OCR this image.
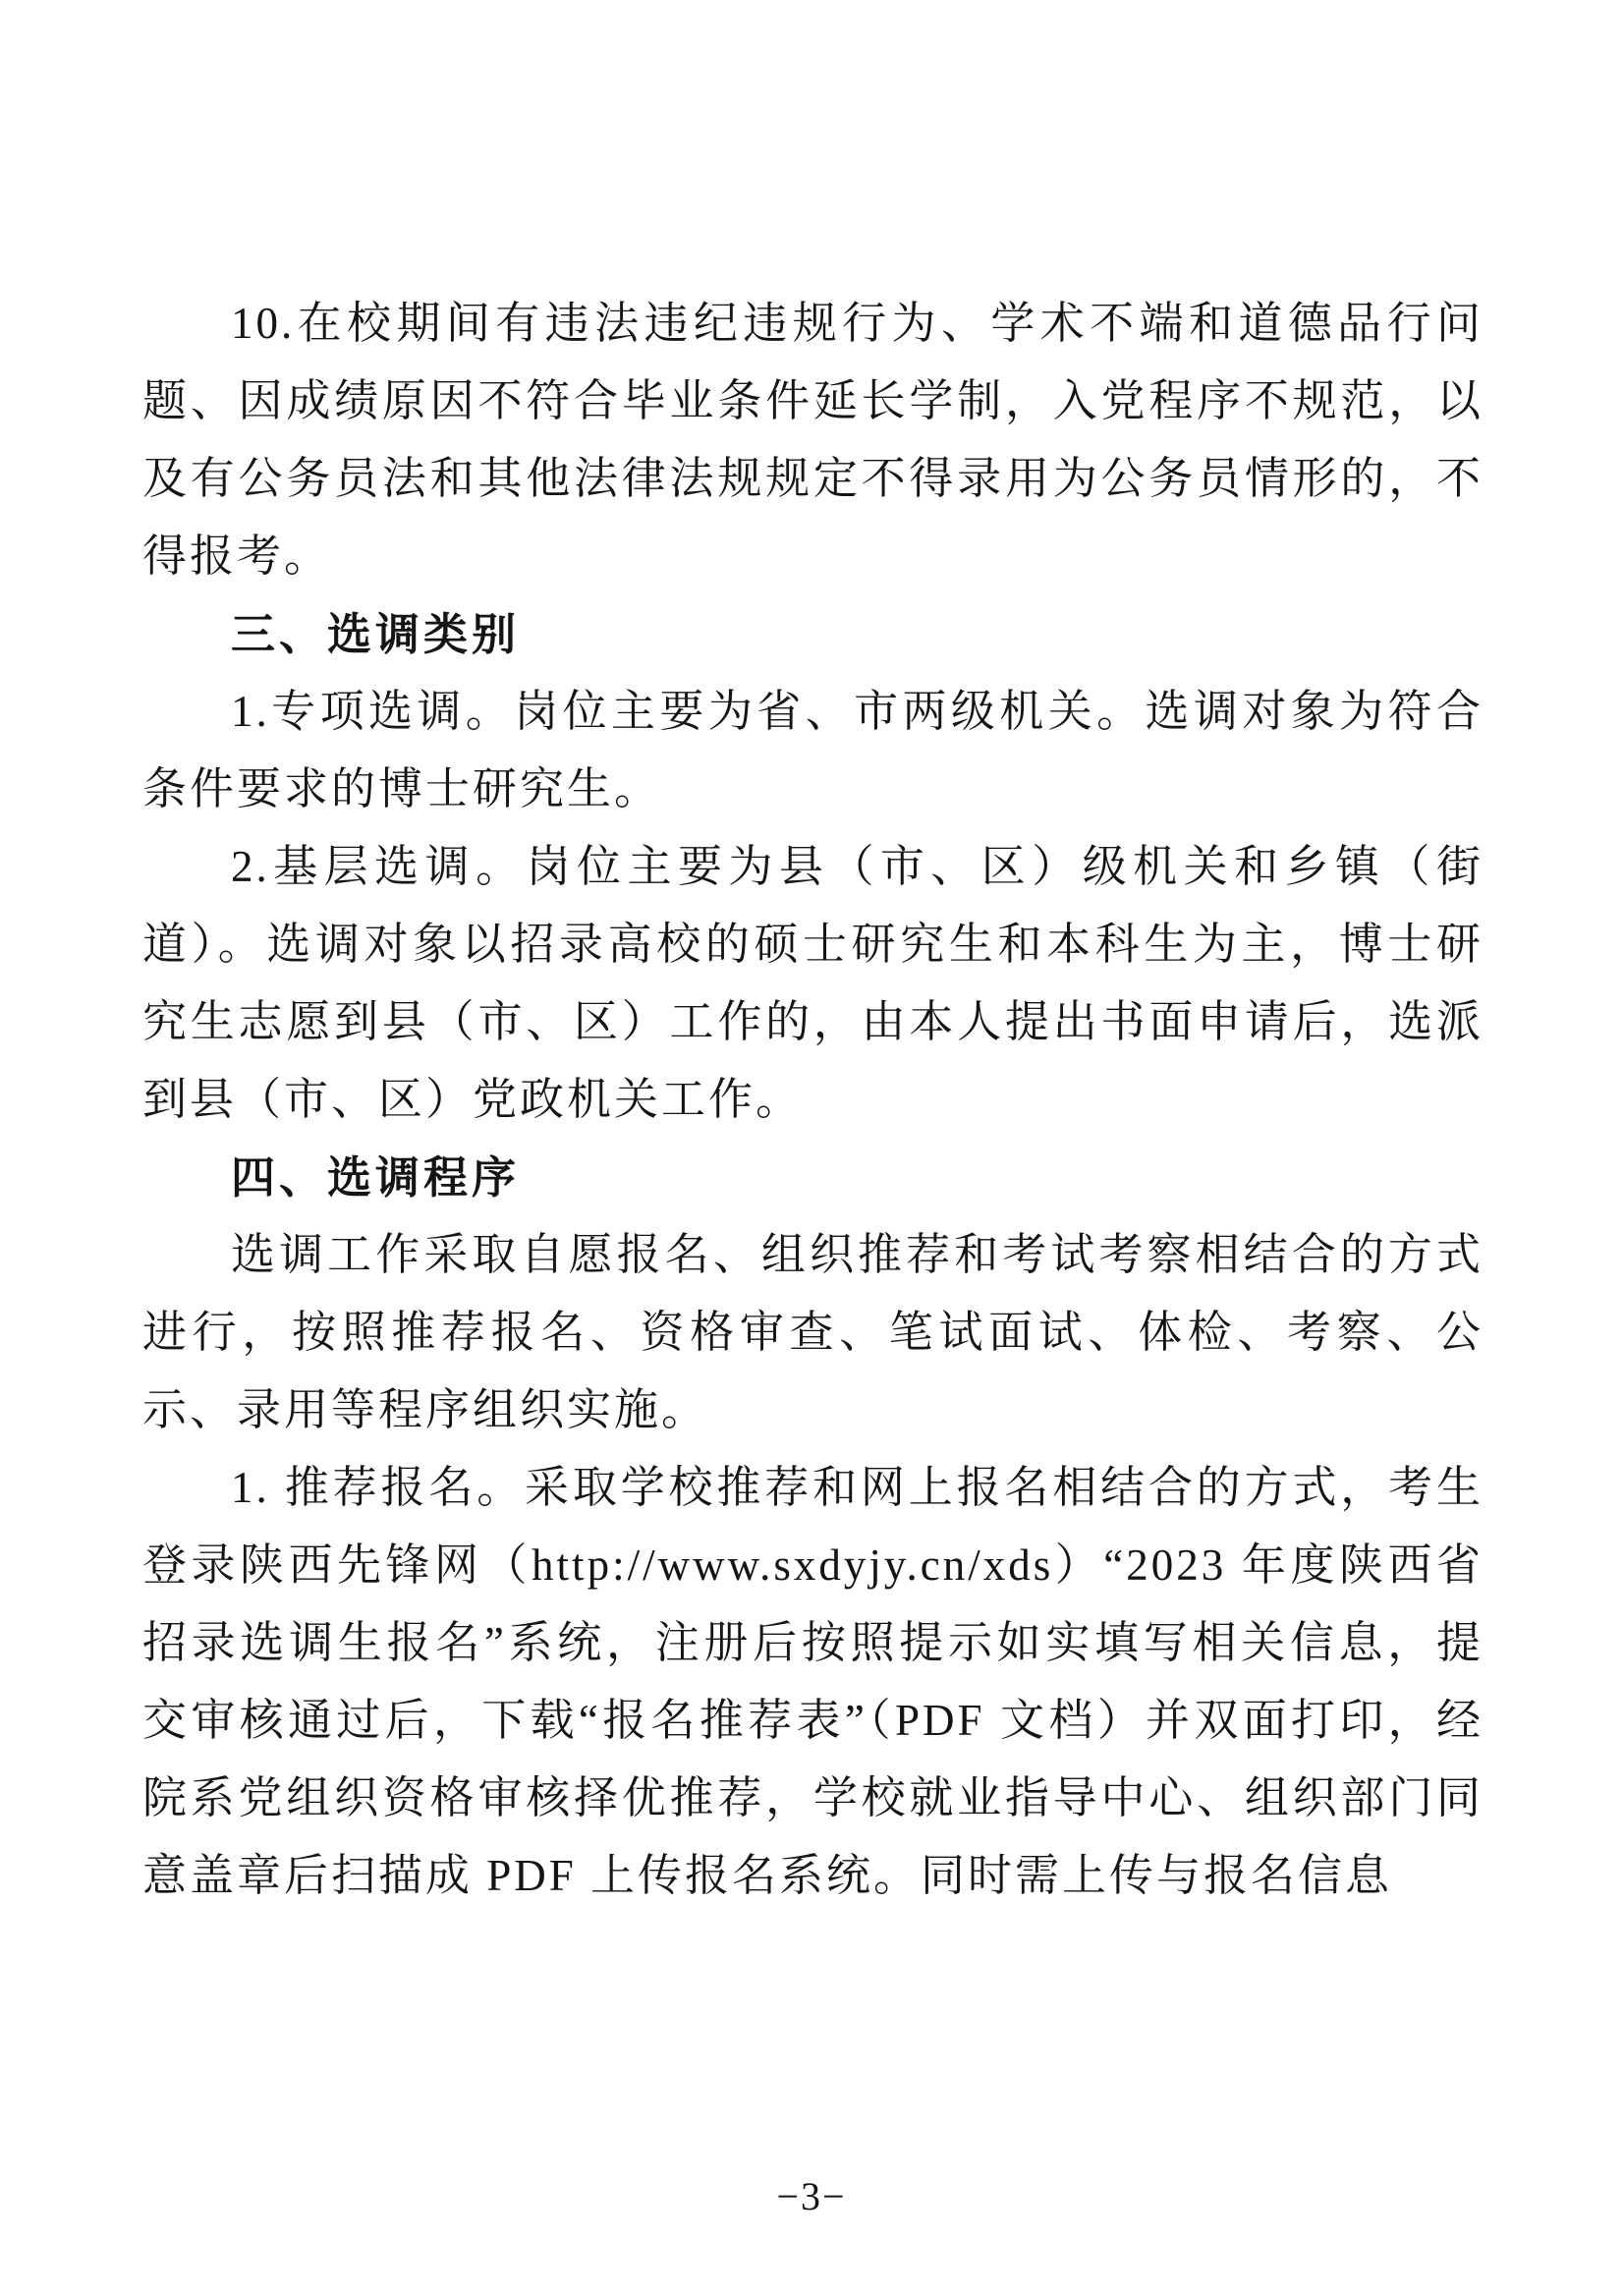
10.在校期间有违法违纪违规行为、学术不端和道德品行问题、因成绩原因不符合毕业条件延长学制，入党程序不规范，以及有公务员法和其他法律法规规定不得录用为公务员情形的，不得报考。

三、选调类别

1.专项选调。岗位主要为省、市两级机关。选调对象为符合条件要求的博士研究生。

2.基层选调。岗位主要为县（市、区）级机关和乡镇（街道）。选调对象以招录高校的硕士研究生和本科生为主，博士研究生志愿到县（市、区）工作的，由本人提出书面申请后，选派到县（市、区）党政机关工作。

四、选调程序

选调工作采取自愿报名、组织推荐和考试考察相结合的方式进行，按照推荐报名、资格审查、笔试面试、体检、考察、公示、录用等程序组织实施。

1. 推荐报名。采取学校推荐和网上报名相结合的方式，考生登录陕西先锋网（http://www.sxdyjy.cn/xds）“2023 年度陕西省招录选调生报名”系统，注册后按照提示如实填写相关信息，提交审核通过后，下载“报名推荐表”（PDF 文档）并双面打印，经院系党组织资格审核择优推荐，学校就业指导中心、组织部门同意盖章后扫描成 PDF 上传报名系统。同时需上传与报名信息

−3−
